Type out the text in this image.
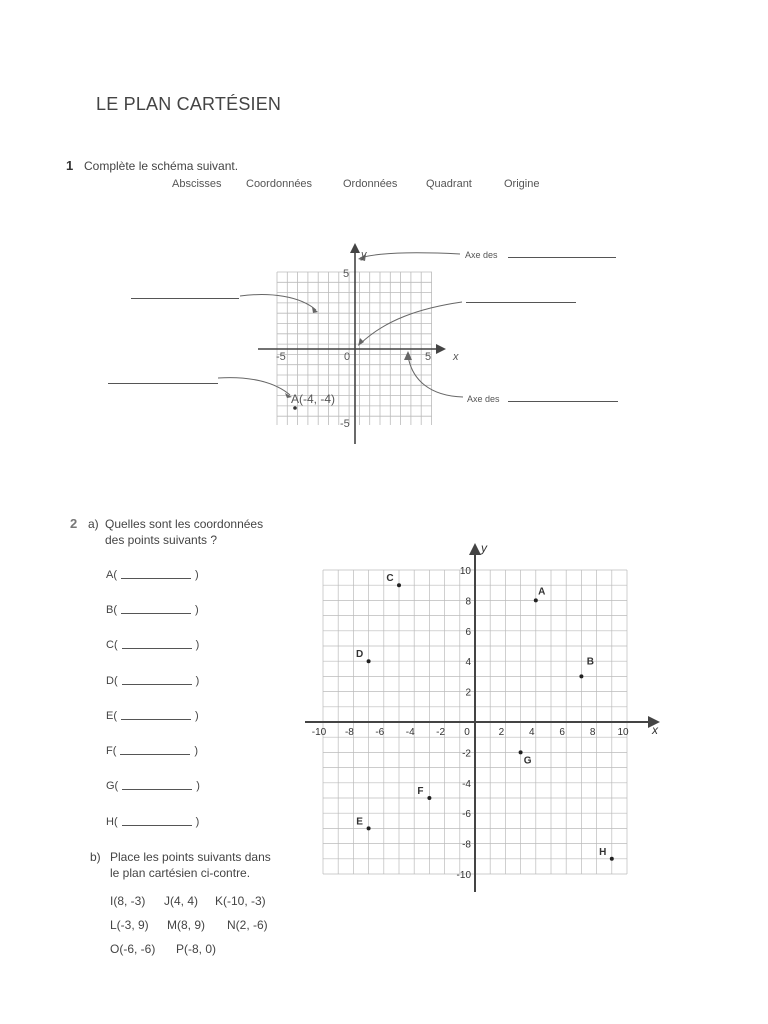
LE PLAN CARTÉSIEN
1 Complète le schéma suivant.
Abscisses Coordonnées	Ordonnées	Quadrant	Origine
y
x
5
-5
-5	0	5
A(-4, -4)
Axe des
Axe des
2 a) Quelles sont les coordonnées
des points suivants ?
A(	)
B(	)
C(	)
D(	)
E(	)
F(	)
G(	)
H(	)
b) Place les points suivants dans
le plan cartésien ci-contre.
I(8, -3) J(4, 4) K(-10, -3)
L(-3, 9) M(8, 9) N(2, -6)
O(-6, -6) P(-8, 0)
x
y
-10 -8 -6 -4 -2 0	2 4 6 8 10
10
8
6
4
2
-2
-4
-6
-8
-10
A
B
C
D
E
F
G
H
